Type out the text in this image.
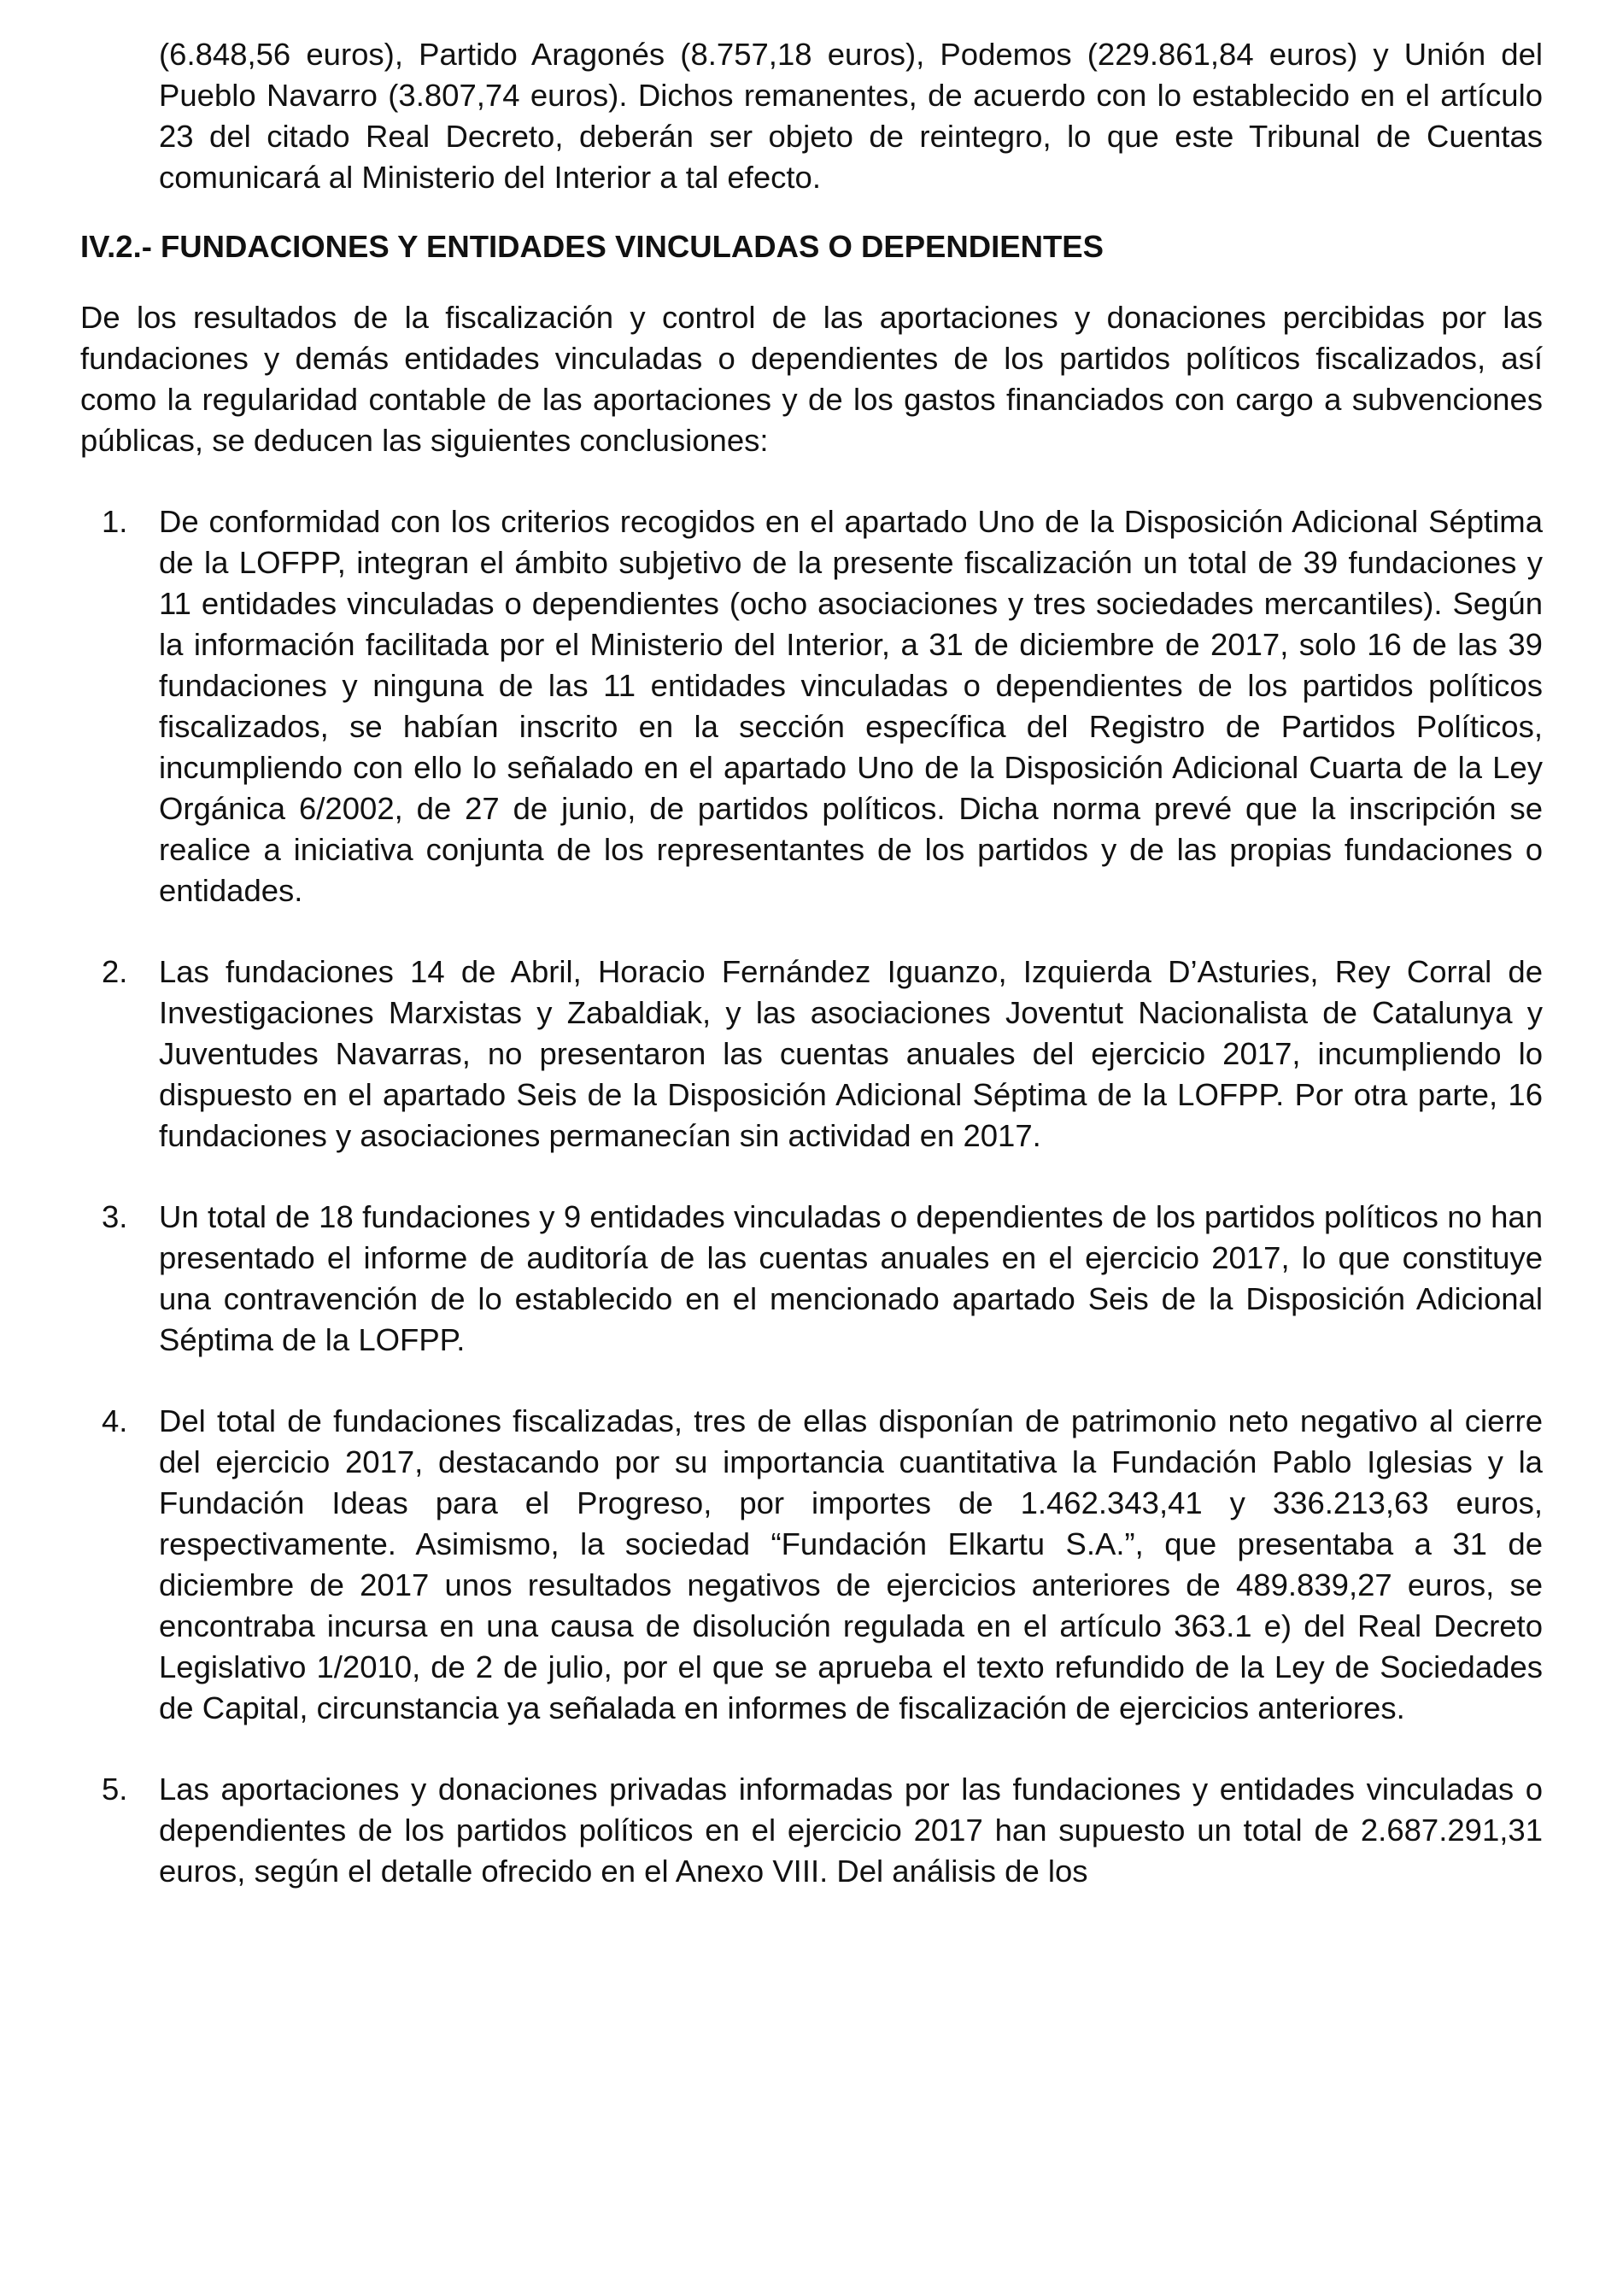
(6.848,56 euros), Partido Aragonés (8.757,18 euros), Podemos (229.861,84 euros) y Unión del Pueblo Navarro (3.807,74 euros). Dichos remanentes, de acuerdo con lo establecido en el artículo 23 del citado Real Decreto, deberán ser objeto de reintegro, lo que este Tribunal de Cuentas comunicará al Ministerio del Interior a tal efecto.

IV.2.- FUNDACIONES Y ENTIDADES VINCULADAS O DEPENDIENTES

De los resultados de la fiscalización y control de las aportaciones y donaciones percibidas por las fundaciones y demás entidades vinculadas o dependientes de los partidos políticos fiscalizados, así como la regularidad contable de las aportaciones y de los gastos financiados con cargo a subvenciones públicas, se deducen las siguientes conclusiones:

1.	De conformidad con los criterios recogidos en el apartado Uno de la Disposición Adicional Séptima de la LOFPP, integran el ámbito subjetivo de la presente fiscalización un total de 39 fundaciones y 11 entidades vinculadas o dependientes (ocho asociaciones y tres sociedades mercantiles). Según la información facilitada por el Ministerio del Interior, a 31 de diciembre de 2017, solo 16 de las 39 fundaciones y ninguna de las 11 entidades vinculadas o dependientes de los partidos políticos fiscalizados, se habían inscrito en la sección específica del Registro de Partidos Políticos, incumpliendo con ello lo señalado en el apartado Uno de la Disposición Adicional Cuarta de la Ley Orgánica 6/2002, de 27 de junio, de partidos políticos. Dicha norma prevé que la inscripción se realice a iniciativa conjunta de los representantes de los partidos y de las propias fundaciones o entidades.
2.	Las fundaciones 14 de Abril, Horacio Fernández Iguanzo, Izquierda D’Asturies, Rey Corral de Investigaciones Marxistas y Zabaldiak, y las asociaciones Joventut Nacionalista de Catalunya y Juventudes Navarras, no presentaron las cuentas anuales del ejercicio 2017, incumpliendo lo dispuesto en el apartado Seis de la Disposición Adicional Séptima de la LOFPP. Por otra parte, 16 fundaciones y asociaciones permanecían sin actividad en 2017.
3.	Un total de 18 fundaciones y 9 entidades vinculadas o dependientes de los partidos políticos no han presentado el informe de auditoría de las cuentas anuales en el ejercicio 2017, lo que constituye una contravención de lo establecido en el mencionado apartado Seis de la Disposición Adicional Séptima de la LOFPP.
4.	Del total de fundaciones fiscalizadas, tres de ellas disponían de patrimonio neto negativo al cierre del ejercicio 2017, destacando por su importancia cuantitativa la Fundación Pablo Iglesias y la Fundación Ideas para el Progreso, por importes de 1.462.343,41 y 336.213,63 euros, respectivamente. Asimismo, la sociedad “Fundación Elkartu S.A.”, que presentaba a 31 de diciembre de 2017 unos resultados negativos de ejercicios anteriores de 489.839,27 euros, se encontraba incursa en una causa de disolución regulada en el artículo 363.1 e) del Real Decreto Legislativo 1/2010, de 2 de julio, por el que se aprueba el texto refundido de la Ley de Sociedades de Capital, circunstancia ya señalada en informes de fiscalización de ejercicios anteriores.
5.	Las aportaciones y donaciones privadas informadas por las fundaciones y entidades vinculadas o dependientes de los partidos políticos en el ejercicio 2017 han supuesto un total de 2.687.291,31 euros, según el detalle ofrecido en el Anexo VIII. Del análisis de los
